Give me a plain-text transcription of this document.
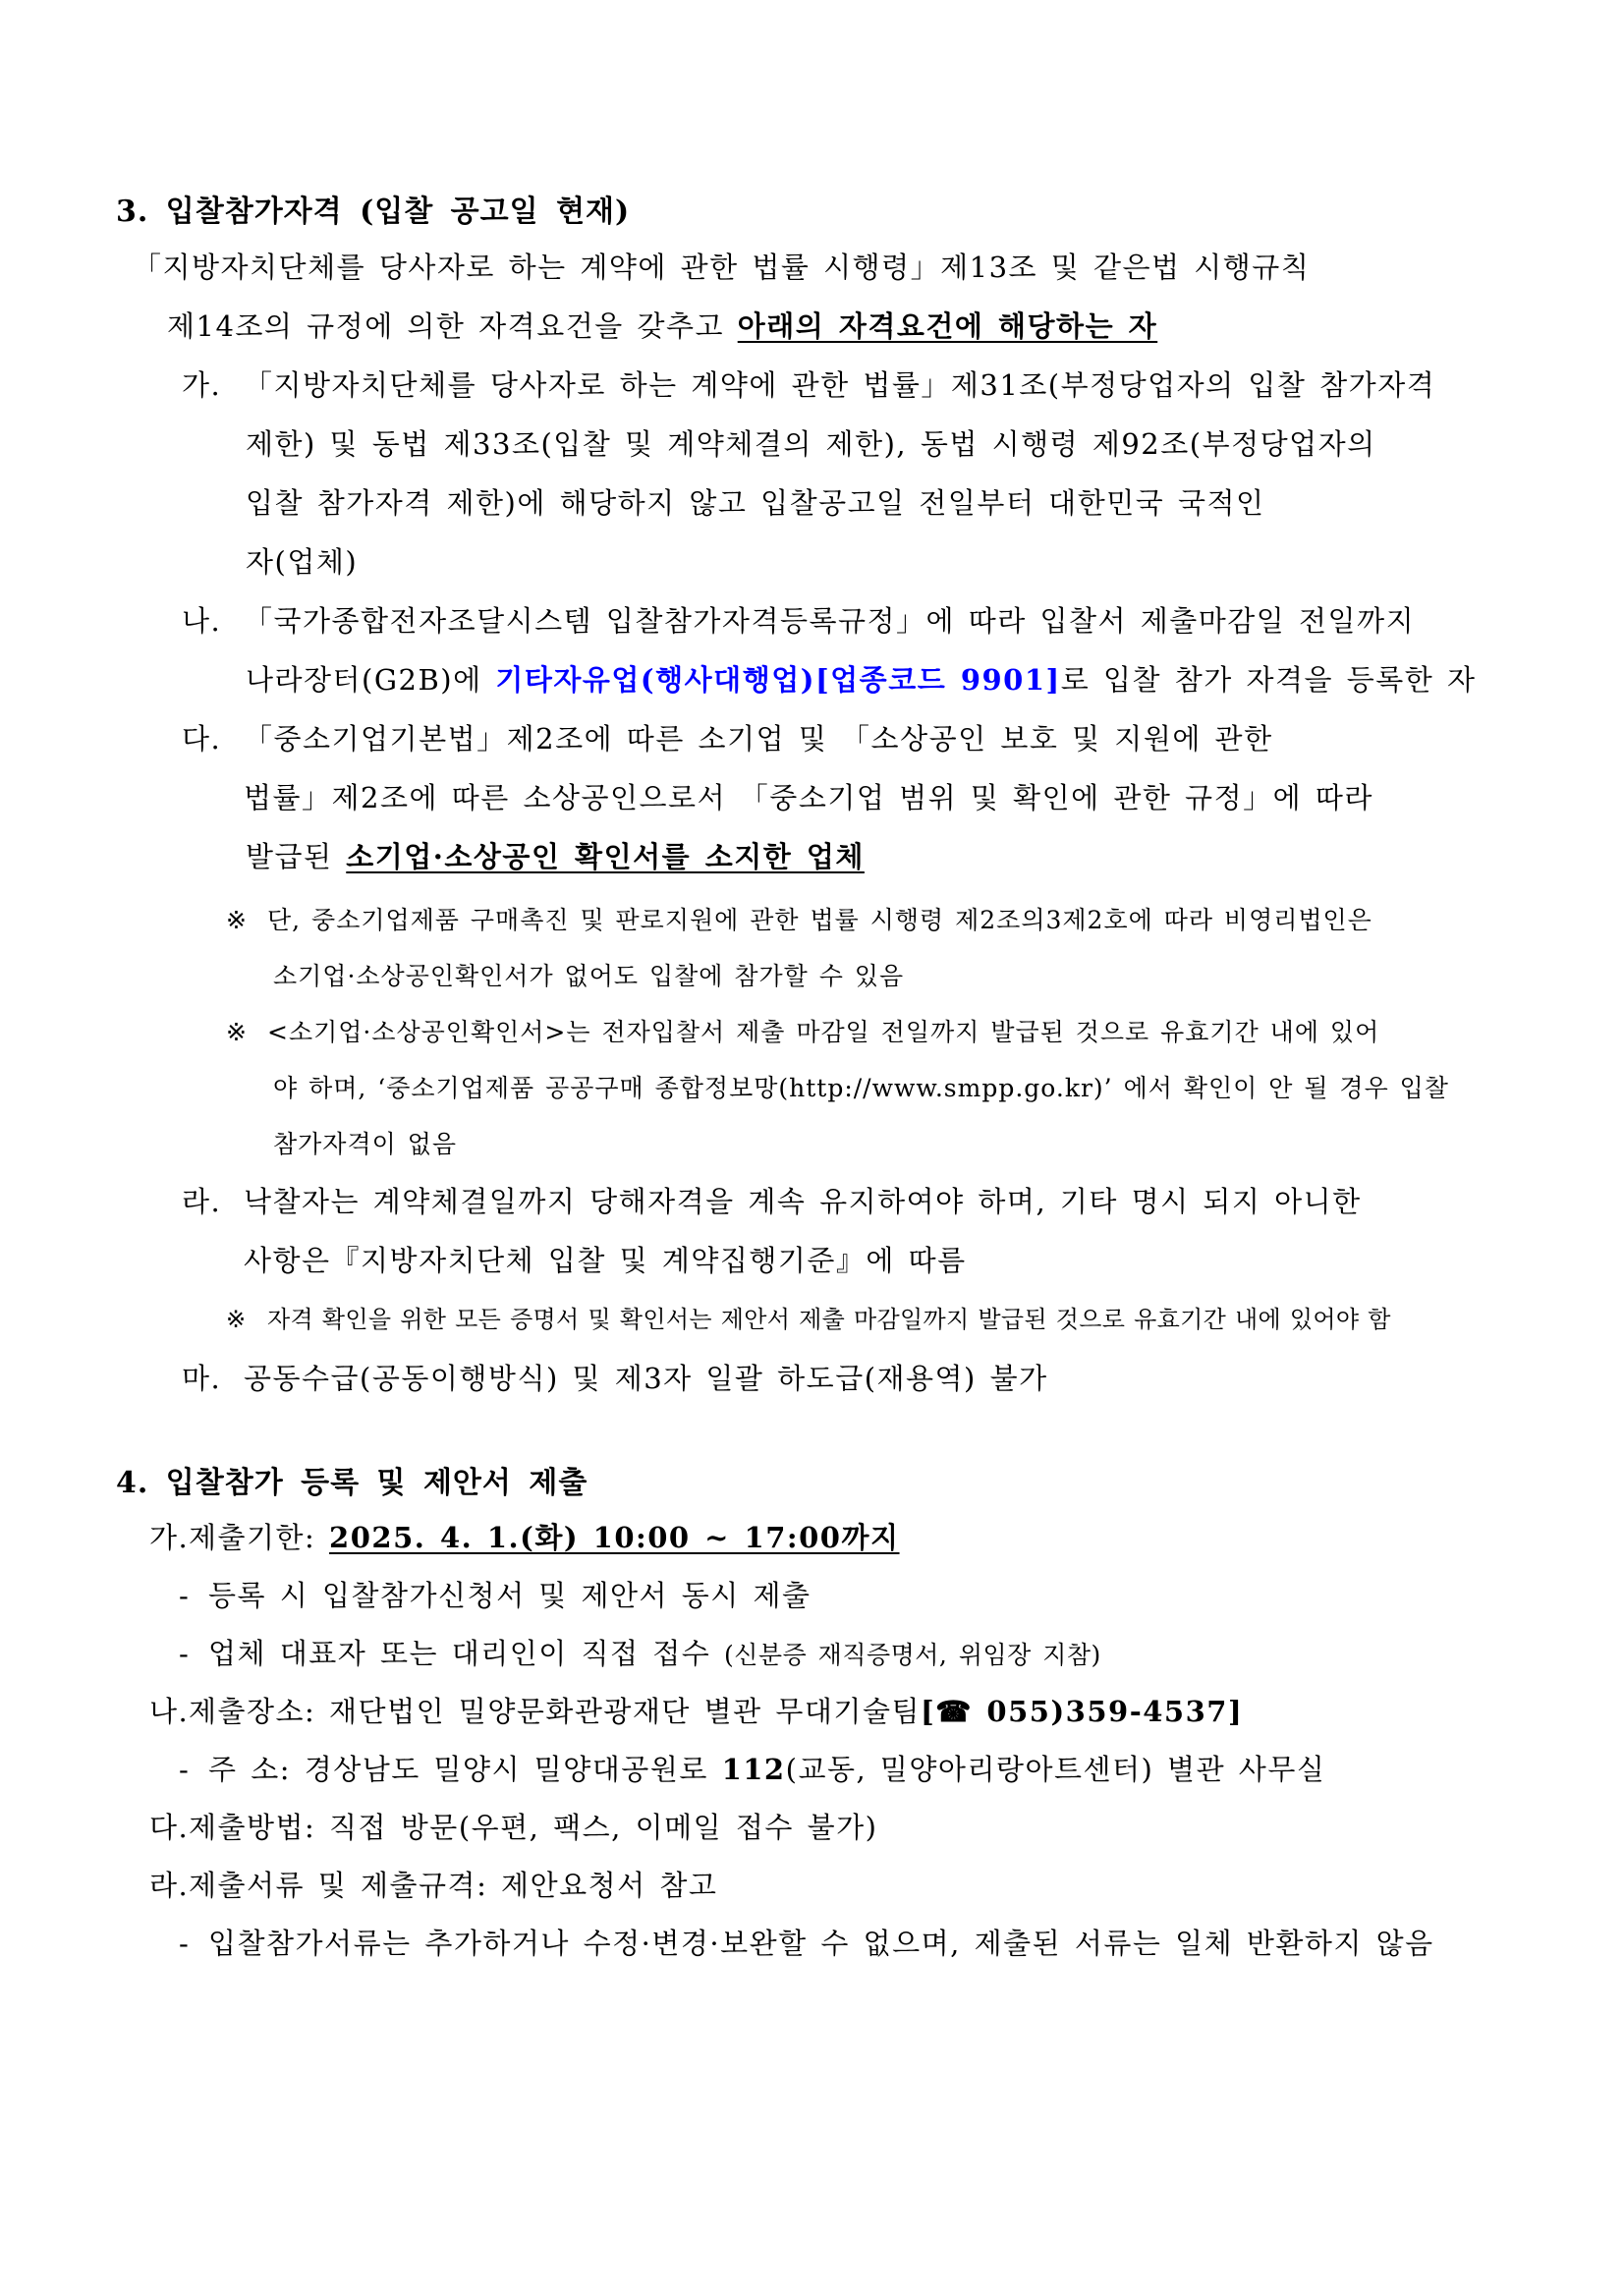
3. 입찰참가자격 (입찰 공고일 현재)
「지방자치단체를 당사자로 하는 계약에 관한 법률 시행령」제13조 및 같은법 시행규칙
제14조의 규정에 의한 자격요건을 갖추고 아래의 자격요건에 해당하는 자
가. 「지방자치단체를 당사자로 하는 계약에 관한 법률」제31조(부정당업자의 입찰 참가자격
제한) 및 동법 제33조(입찰 및 계약체결의 제한), 동법 시행령 제92조(부정당업자의
입찰 참가자격 제한)에 해당하지 않고 입찰공고일 전일부터 대한민국 국적인
자(업체)
나. 「국가종합전자조달시스템 입찰참가자격등록규정」에 따라 입찰서 제출마감일 전일까지
나라장터(G2B)에 기타자유업(행사대행업)[업종코드 9901]로 입찰 참가 자격을 등록한 자
다. 「중소기업기본법」제2조에 따른 소기업 및 「소상공인 보호 및 지원에 관한
법률」제2조에 따른 소상공인으로서 「중소기업 범위 및 확인에 관한 규정」에 따라
발급된 소기업·소상공인 확인서를 소지한 업체
※ 단, 중소기업제품 구매촉진 및 판로지원에 관한 법률 시행령 제2조의3제2호에 따라 비영리법인은
소기업·소상공인확인서가 없어도 입찰에 참가할 수 있음
※ <소기업·소상공인확인서>는 전자입찰서 제출 마감일 전일까지 발급된 것으로 유효기간 내에 있어
야 하며, ‘중소기업제품 공공구매 종합정보망(http://www.smpp.go.kr)’ 에서 확인이 안 될 경우 입찰
참가자격이 없음
라. 낙찰자는 계약체결일까지 당해자격을 계속 유지하여야 하며, 기타 명시 되지 아니한
사항은『지방자치단체 입찰 및 계약집행기준』에 따름
※ 자격 확인을 위한 모든 증명서 및 확인서는 제안서 제출 마감일까지 발급된 것으로 유효기간 내에 있어야 함
마. 공동수급(공동이행방식) 및 제3자 일괄 하도급(재용역) 불가
4. 입찰참가 등록 및 제안서 제출
가.제출기한: 2025. 4. 1.(화) 10:00 ~ 17:00까지
- 등록 시 입찰참가신청서 및 제안서 동시 제출
- 업체 대표자 또는 대리인이 직접 접수 (신분증 재직증명서, 위임장 지참)
나.제출장소: 재단법인 밀양문화관광재단 별관 무대기술팀[☎ 055)359-4537]
- 주 소: 경상남도 밀양시 밀양대공원로 112(교동, 밀양아리랑아트센터) 별관 사무실
다.제출방법: 직접 방문(우편, 팩스, 이메일 접수 불가)
라.제출서류 및 제출규격: 제안요청서 참고
- 입찰참가서류는 추가하거나 수정·변경·보완할 수 없으며, 제출된 서류는 일체 반환하지 않음
